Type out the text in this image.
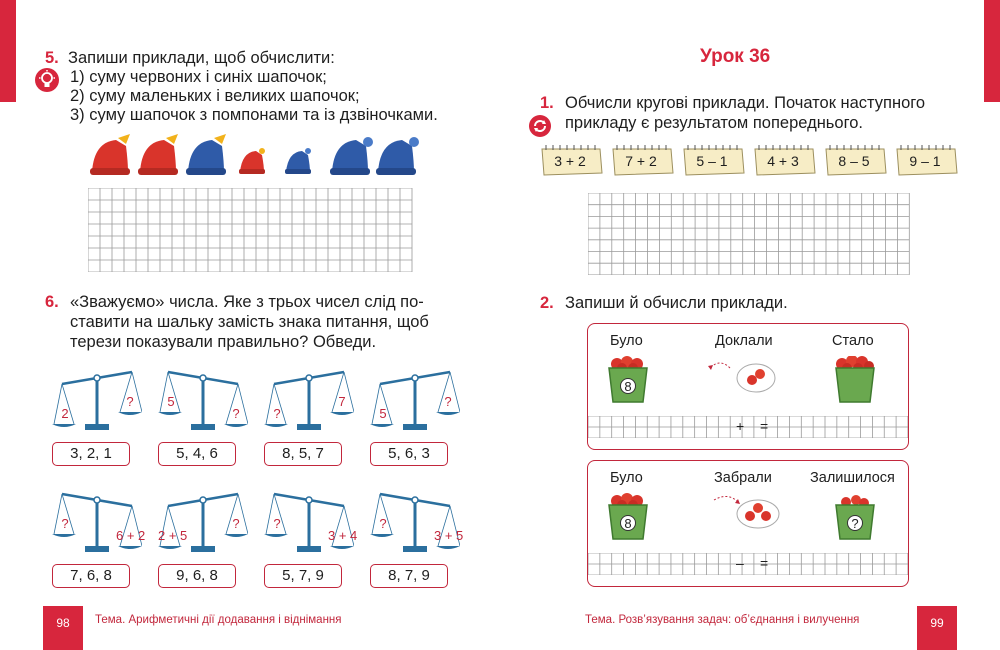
5. Запиши приклади, щоб обчислити:
1) суму червоних і синіх шапочок;
2) суму маленьких і великих шапочок;
3) суму шапочок з помпонами та із дзвіночками.
6. «Зважуємо» числа. Яке з трьох чисел слід по-
ставити на шальку замість знака питання, щоб
терези показували правильно? Обведи.
2
?
3, 2, 1
5
?
5, 4, 6
?
7
8, 5, 7
5
?
5, 6, 3
?
6 + 2
7, 6, 8
2 + 5
?
9, 6, 8
?
3 + 4
5, 7, 9
?
3 + 5
8, 7, 9
98	Тема. Арифметичні дії додавання і віднімання
Урок 36
1. Обчисли кругові приклади. Початок наступного
прикладу є результатом попереднього.
3 + 2	7 + 2	5 – 1	4 + 3	8 – 5	9 – 1
2. Запиши й обчисли приклади.
Було	Доклали	Стало
8
+ =
Було	Забрали	Залишилося
8	?
– =
Тема. Розв’язування задач: об’єднання і вилучення	99
